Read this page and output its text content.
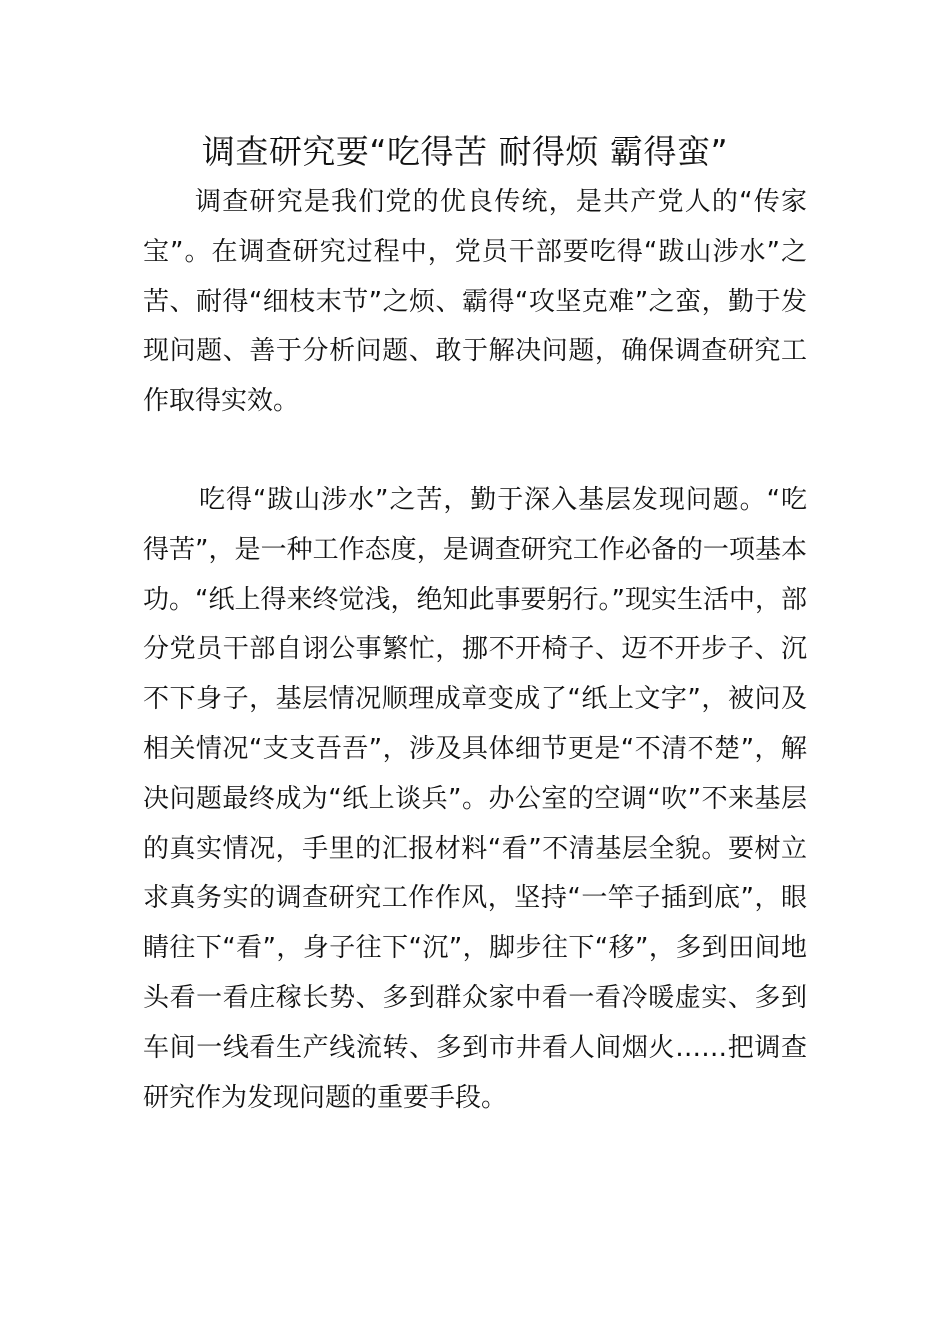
调查研究要“吃得苦 耐得烦 霸得蛮”

调查研究是我们党的优良传统，是共产党人的“传家宝”。在调查研究过程中，党员干部要吃得“跋山涉水”之苦、耐得“细枝末节”之烦、霸得“攻坚克难”之蛮，勤于发现问题、善于分析问题、敢于解决问题，确保调查研究工作取得实效。

吃得“跋山涉水”之苦，勤于深入基层发现问题。“吃得苦”，是一种工作态度，是调查研究工作必备的一项基本功。“纸上得来终觉浅，绝知此事要躬行。”现实生活中，部分党员干部自诩公事繁忙，挪不开椅子、迈不开步子、沉不下身子，基层情况顺理成章变成了“纸上文字”，被问及相关情况“支支吾吾”，涉及具体细节更是“不清不楚”，解决问题最终成为“纸上谈兵”。办公室的空调“吹”不来基层的真实情况，手里的汇报材料“看”不清基层全貌。要树立求真务实的调查研究工作作风，坚持“一竿子插到底”，眼睛往下“看”，身子往下“沉”，脚步往下“移”，多到田间地头看一看庄稼长势、多到群众家中看一看冷暖虚实、多到车间一线看生产线流转、多到市井看人间烟火……把调查研究作为发现问题的重要手段。
